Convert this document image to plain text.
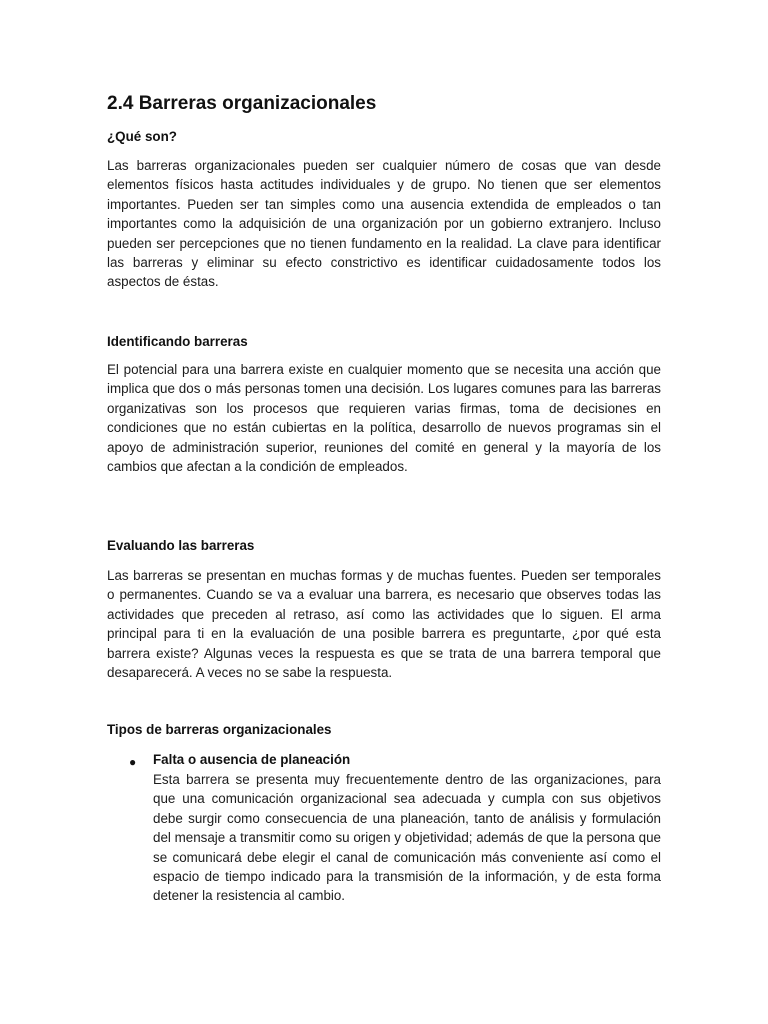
2.4 Barreras organizacionales
¿Qué son?

Las barreras organizacionales pueden ser cualquier número de cosas que van desde elementos físicos hasta actitudes individuales y de grupo. No tienen que ser elementos importantes. Pueden ser tan simples como una ausencia extendida de empleados o tan importantes como la adquisición de una organización por un gobierno extranjero. Incluso pueden ser percepciones que no tienen fundamento en la realidad. La clave para identificar las barreras y eliminar su efecto constrictivo es identificar cuidadosamente todos los aspectos de éstas.

Identificando barreras

El potencial para una barrera existe en cualquier momento que se necesita una acción que implica que dos o más personas tomen una decisión. Los lugares comunes para las barreras organizativas son los procesos que requieren varias firmas, toma de decisiones en condiciones que no están cubiertas en la política, desarrollo de nuevos programas sin el apoyo de administración superior, reuniones del comité en general y la mayoría de los cambios que afectan a la condición de empleados.

Evaluando las barreras

Las barreras se presentan en muchas formas y de muchas fuentes. Pueden ser temporales o permanentes. Cuando se va a evaluar una barrera, es necesario que observes todas las actividades que preceden al retraso, así como las actividades que lo siguen. El arma principal para ti en la evaluación de una posible barrera es preguntarte, ¿por qué esta barrera existe? Algunas veces la respuesta es que se trata de una barrera temporal que desaparecerá. A veces no se sabe la respuesta.

Tipos de barreras organizacionales
● Falta o ausencia de planeación
Esta barrera se presenta muy frecuentemente dentro de las organizaciones, para que una comunicación organizacional sea adecuada y cumpla con sus objetivos debe surgir como consecuencia de una planeación, tanto de análisis y formulación del mensaje a transmitir como su origen y objetividad; además de que la persona que se comunicará debe elegir el canal de comunicación más conveniente así como el espacio de tiempo indicado para la transmisión de la información, y de esta forma detener la resistencia al cambio.
